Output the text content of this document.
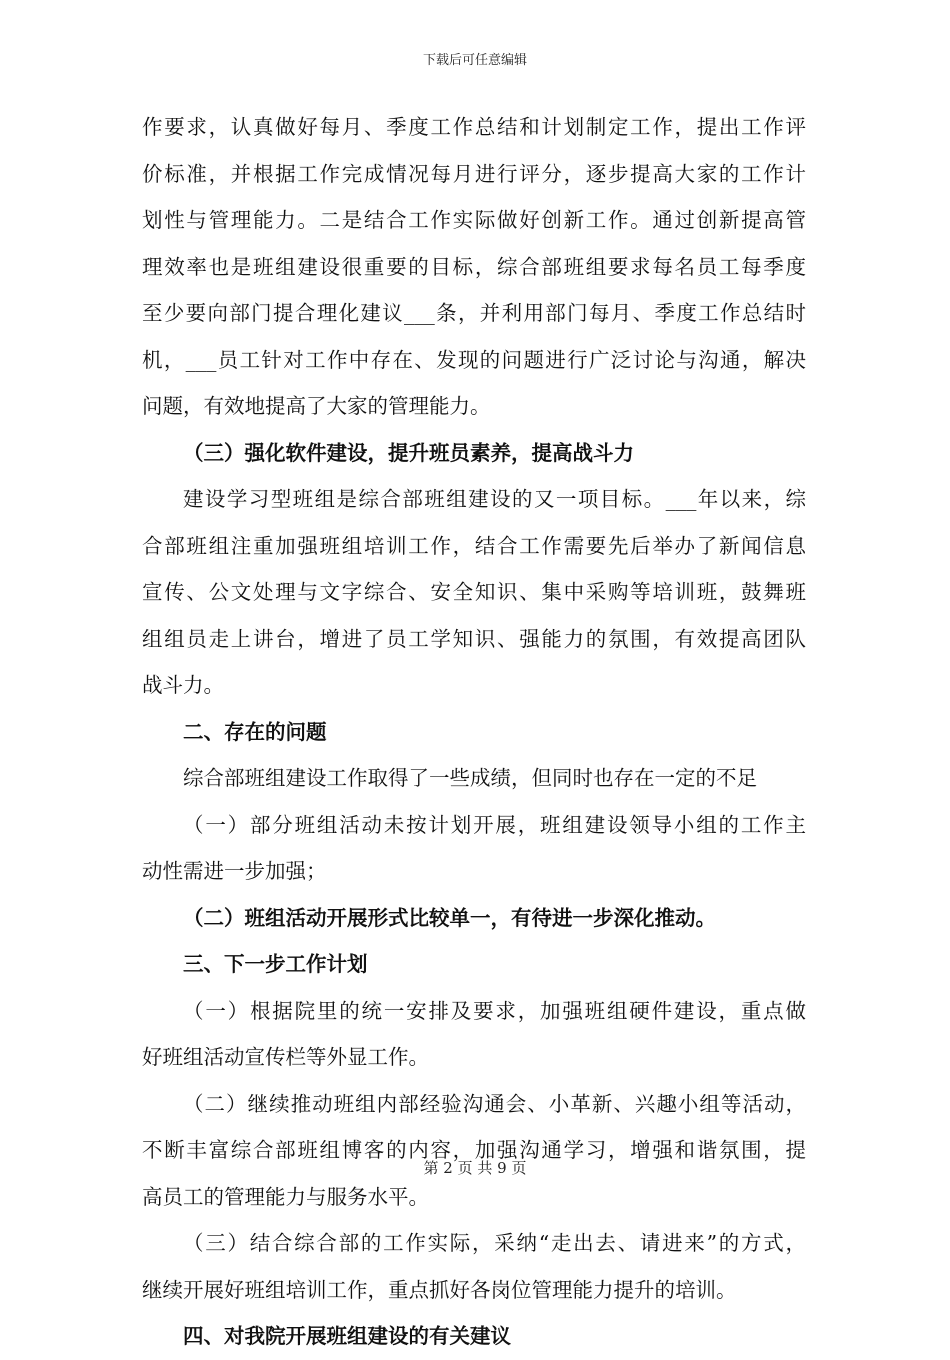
下载后可任意编辑
作要求，认真做好每月、季度工作总结和计划制定工作，提出工作评
价标准，并根据工作完成情况每月进行评分，逐步提高大家的工作计
划性与管理能力。二是结合工作实际做好创新工作。通过创新提高管
理效率也是班组建设很重要的目标，综合部班组要求每名员工每季度
至少要向部门提合理化建议___条，并利用部门每月、季度工作总结时
机，___员工针对工作中存在、发现的问题进行广泛讨论与沟通，解决
问题，有效地提高了大家的管理能力。
（三）强化软件建设，提升班员素养，提高战斗力
建设学习型班组是综合部班组建设的又一项目标。___年以来，综
合部班组注重加强班组培训工作，结合工作需要先后举办了新闻信息
宣传、公文处理与文字综合、安全知识、集中采购等培训班，鼓舞班
组组员走上讲台，增进了员工学知识、强能力的氛围，有效提高团队
战斗力。
二、存在的问题
综合部班组建设工作取得了一些成绩，但同时也存在一定的不足
（一）部分班组活动未按计划开展，班组建设领导小组的工作主
动性需进一步加强；
（二）班组活动开展形式比较单一，有待进一步深化推动。
三、下一步工作计划
（一）根据院里的统一安排及要求，加强班组硬件建设，重点做
好班组活动宣传栏等外显工作。
（二）继续推动班组内部经验沟通会、小革新、兴趣小组等活动，
不断丰富综合部班组博客的内容，加强沟通学习，增强和谐氛围，提
高员工的管理能力与服务水平。
（三）结合综合部的工作实际，采纳“走出去、请进来”的方式，
继续开展好班组培训工作，重点抓好各岗位管理能力提升的培训。
四、对我院开展班组建设的有关建议
第 2 页 共 9 页
